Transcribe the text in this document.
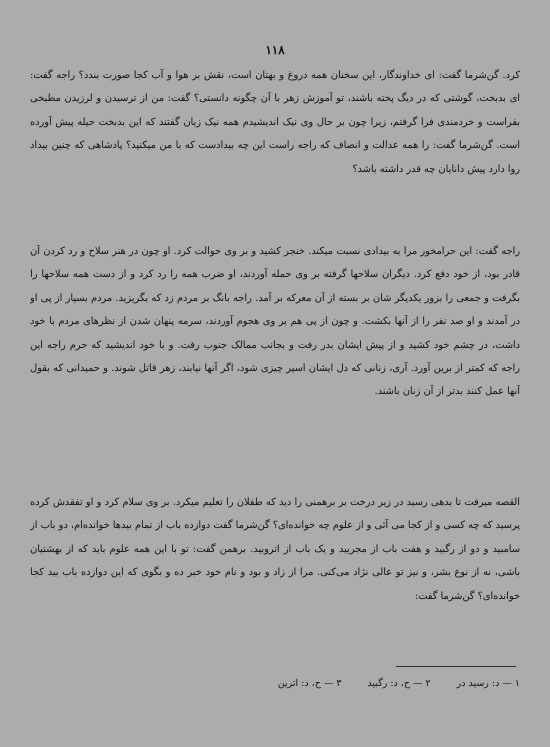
۱۱۸

کرد. گن‌شرما گفت: ای خداوندگار، این سخنان همه دروغ و بهتان است، نقش بر هوا و آب کجا صورت بندد؟ راجه گفت: ای بدبخت، گوشتی که در دیگ پخته باشند، تو آموزش زهر با آن چگونه دانستی؟ گفت: من از ترسیدن و لرزیدن مطبخی بفراست و خردمندی فرا گرفتم، زیرا چون بر حال وی نیک اندیشیدم همه نیک زبان گفتند که این بدبخت حیله پیش آورده است. گن‌شرما گفت: را همه عدالت و انصاف که راجه راست این چه بیدادست که با من میکنید؟ پادشاهی که چنین بیداد روا دارد پیش دانایان چه قدر داشته باشد؟

راجه گفت: این حرامخور مرا به بیدادی نسبت میکند. خنجر کشید و بر وی حوالت کرد. او چون در هنر سلاح و رد کردن آن قادر بود، از خود دفع کرد. دیگران سلاحها گرفته بر وی حمله آوردند، او ضرب همه را رد کرد و از دست همه سلاحها را بگرفت و جمعی را بزور یکدیگر شان بر بسته از آن معرکه بر آمد. راجه بانگ بر مردم زد که بگریزید. مردم بسیار از پی او در آمدند و او صد نفر را از آنها بکشت. و چون از پی هم بر وی هجوم آوردند، سرمه پنهان شدن از نظرهای مردم با خود داشت، در چشم خود کشید و از پیش ایشان بدر رفت و بجانب ممالک جنوب رفت. و با خود اندیشید که حرم راجه این راجه که کمتر از برین آورد. آری، زنانی که دل ایشان اسیر چیزی شود، اگر آنها نیابند، زهر قاتل شوند. و حمیدانی که بقول آنها عمل کنند بدتر از آن زنان باشند.

القصه میرفت تا بدهی رسید در زیر درخت بر برهمنی را دید که طفلان را تعلیم میکرد. بر وی سلام کرد و او تفقدش کرده پرسید که چه کسی و از کجا می آئی و از علوم چه خوانده‌ای؟ گن‌شرما گفت دوازده باب از تمام بیدها خوانده‌ام، دو باب از سامبید و دو از رگبید و هفت باب از مجربید و یک باب از اتروبید. برهمن گفت: تو با این همه علوم باید که از بهشتیان باشی، نه از نوع بشر، و نیز تو عالی نژاد می‌کنی. مرا از زاد و بود و نام خود خبر ده و بگوی که این دوازده باب بید کجا خوانده‌ای؟ گن‌شرما گفت:

۱ — د: رسید در
۲ — ح، د: رگبید
۳ — ح، د: اترین
